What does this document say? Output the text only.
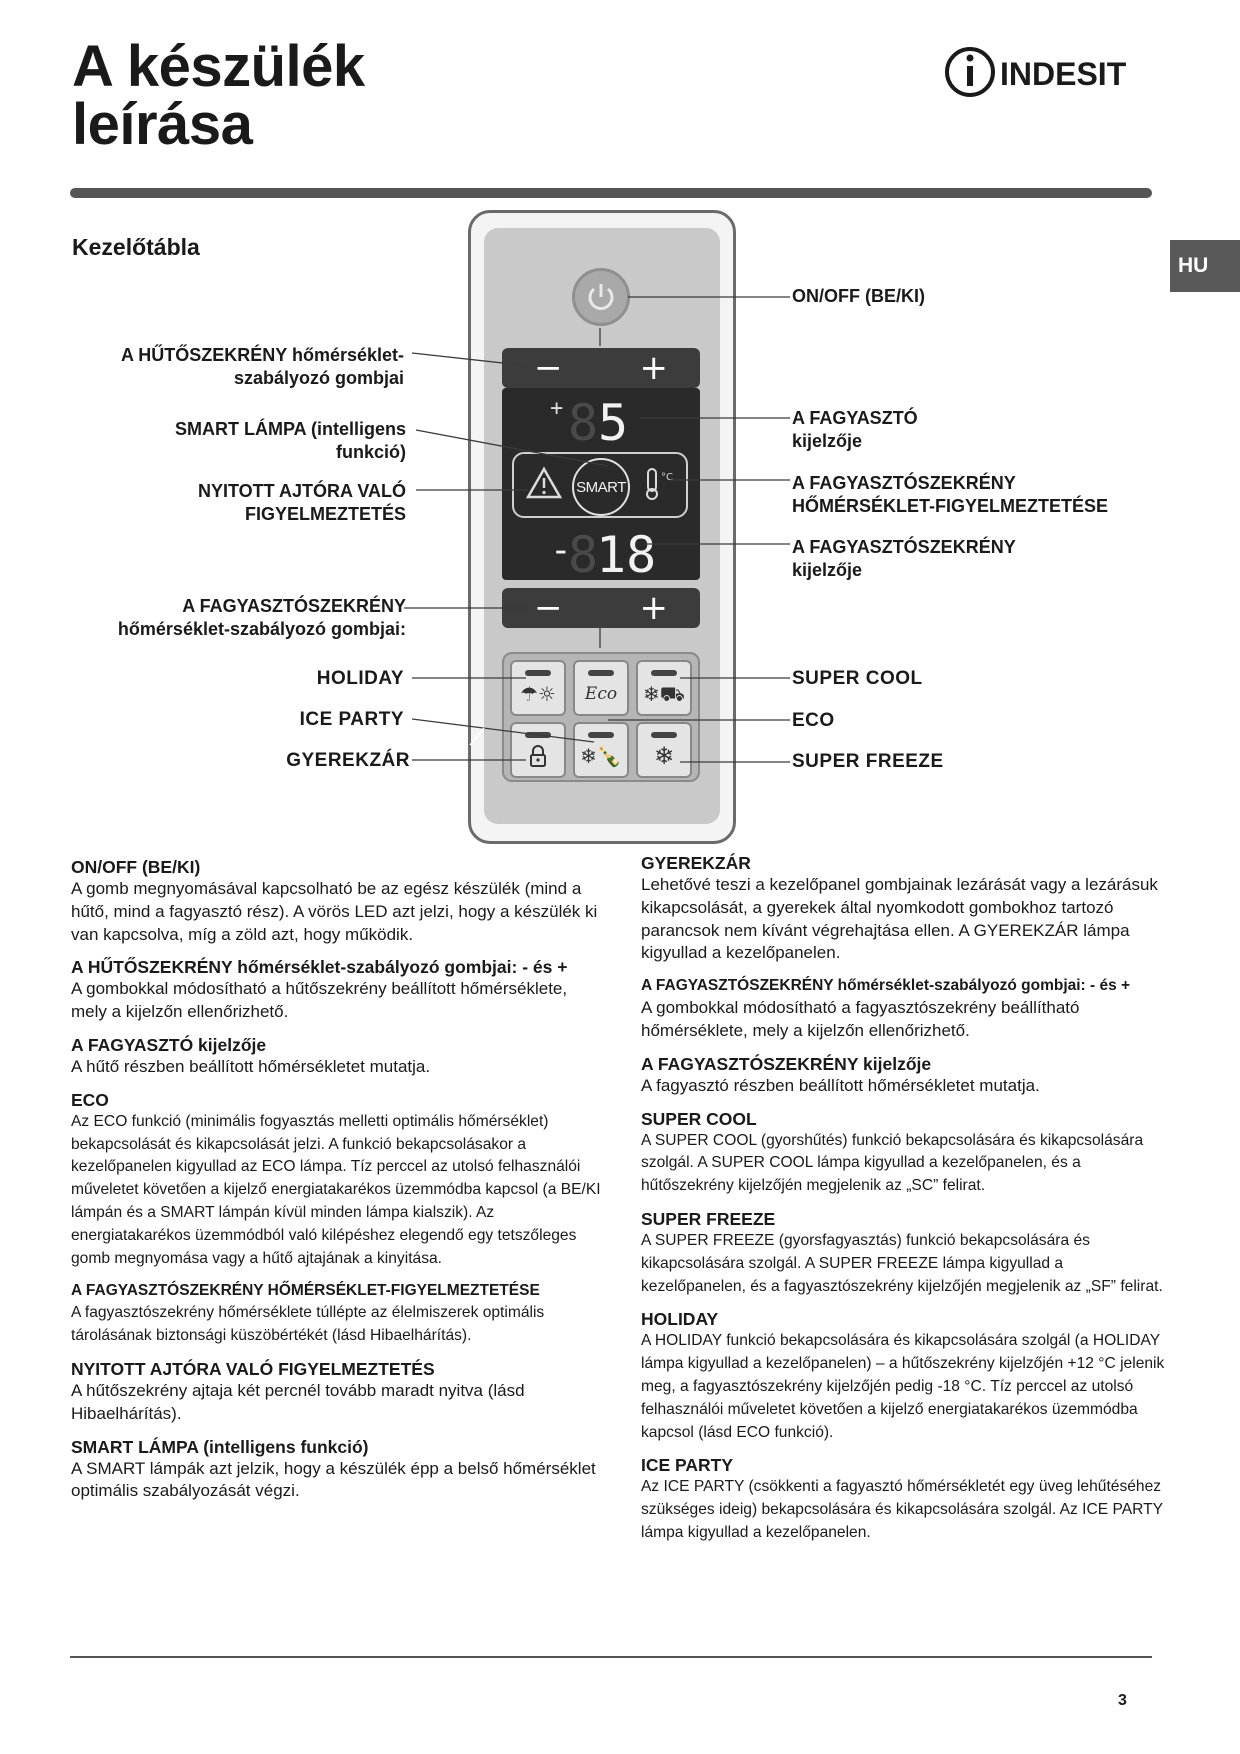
A készülék
leírása
INDESIT
HU
Kezelőtábla
− +
+ 8 5
SMART
°C
-
8
18
− +
☂☼ Eco ❄⛟
❄🍾 ❄
A HŰTŐSZEKRÉNY hőmérséklet-
szabályozó gombjai
SMART LÁMPA (intelligens
funkció)
NYITOTT AJTÓRA VALÓ
FIGYELMEZTETÉS
A FAGYASZTÓSZEKRÉNY
hőmérséklet-szabályozó gombjai:
HOLIDAY
ICE PARTY
GYEREKZÁR
ON/OFF (BE/KI)
A FAGYASZTÓ
kijelzője
A FAGYASZTÓSZEKRÉNY
HŐMÉRSÉKLET-FIGYELMEZTETÉSE
A FAGYASZTÓSZEKRÉNY
kijelzője
SUPER COOL
ECO
SUPER FREEZE
ON/OFF (BE/KI)

A gomb megnyomásával kapcsolható be az egész készülék (mind a hűtő, mind a fagyasztó rész). A vörös LED azt jelzi, hogy a készülék ki van kapcsolva, míg a zöld azt, hogy működik.

A HŰTŐSZEKRÉNY hőmérséklet-szabályozó gombjai: - és +

A gombokkal módosítható a hűtőszekrény beállított hőmérséklete, mely a kijelzőn ellenőrizhető.

A FAGYASZTÓ kijelzője

A hűtő részben beállított hőmérsékletet mutatja.

ECO

Az ECO funkció (minimális fogyasztás melletti optimális hőmérséklet) bekapcsolását és kikapcsolását jelzi. A funkció bekapcsolásakor a kezelőpanelen kigyullad az ECO lámpa. Tíz perccel az utolsó felhasználói műveletet követően a kijelző energiatakarékos üzemmódba kapcsol (a BE/KI lámpán és a SMART lámpán kívül minden lámpa kialszik). Az energiatakarékos üzemmódból való kilépéshez elegendő egy tetszőleges gomb megnyomása vagy a hűtő ajtajának a kinyitása.

A FAGYASZTÓSZEKRÉNY HŐMÉRSÉKLET-FIGYELMEZTETÉSE

A fagyasztószekrény hőmérséklete túllépte az élelmiszerek optimális tárolásának biztonsági küszöbértékét (lásd Hibaelhárítás).

NYITOTT AJTÓRA VALÓ FIGYELMEZTETÉS

A hűtőszekrény ajtaja két percnél tovább maradt nyitva (lásd Hibaelhárítás).

SMART LÁMPA (intelligens funkció)

A SMART lámpák azt jelzik, hogy a készülék épp a belső hőmérséklet optimális szabályozását végzi.

GYEREKZÁR

Lehetővé teszi a kezelőpanel gombjainak lezárását vagy a lezárásuk kikapcsolását, a gyerekek által nyomkodott gombokhoz tartozó parancsok nem kívánt végrehajtása ellen. A GYEREKZÁR lámpa kigyullad a kezelőpanelen.

A FAGYASZTÓSZEKRÉNY hőmérséklet-szabályozó gombjai: - és +

A gombokkal módosítható a fagyasztószekrény beállítható hőmérséklete, mely a kijelzőn ellenőrizhető.

A FAGYASZTÓSZEKRÉNY kijelzője

A fagyasztó részben beállított hőmérsékletet mutatja.

SUPER COOL

A SUPER COOL (gyorshűtés) funkció bekapcsolására és kikapcsolására szolgál. A SUPER COOL lámpa kigyullad a kezelőpanelen, és a hűtőszekrény kijelzőjén megjelenik az „SC” felirat.

SUPER FREEZE

A SUPER FREEZE (gyorsfagyasztás) funkció bekapcsolására és kikapcsolására szolgál. A SUPER FREEZE lámpa kigyullad a kezelőpanelen, és a fagyasztószekrény kijelzőjén megjelenik az „SF” felirat.

HOLIDAY

A HOLIDAY funkció bekapcsolására és kikapcsolására szolgál (a HOLIDAY lámpa kigyullad a kezelőpanelen) – a hűtőszekrény kijelzőjén +12 °C jelenik meg, a fagyasztószekrény kijelzőjén pedig -18 °C. Tíz perccel az utolsó felhasználói műveletet követően a kijelző energiatakarékos üzemmódba kapcsol (lásd ECO funkció).

ICE PARTY

Az ICE PARTY (csökkenti a fagyasztó hőmérsékletét egy üveg lehűtéséhez szükséges ideig) bekapcsolására és kikapcsolására szolgál. Az ICE PARTY lámpa kigyullad a kezelőpanelen.

3
